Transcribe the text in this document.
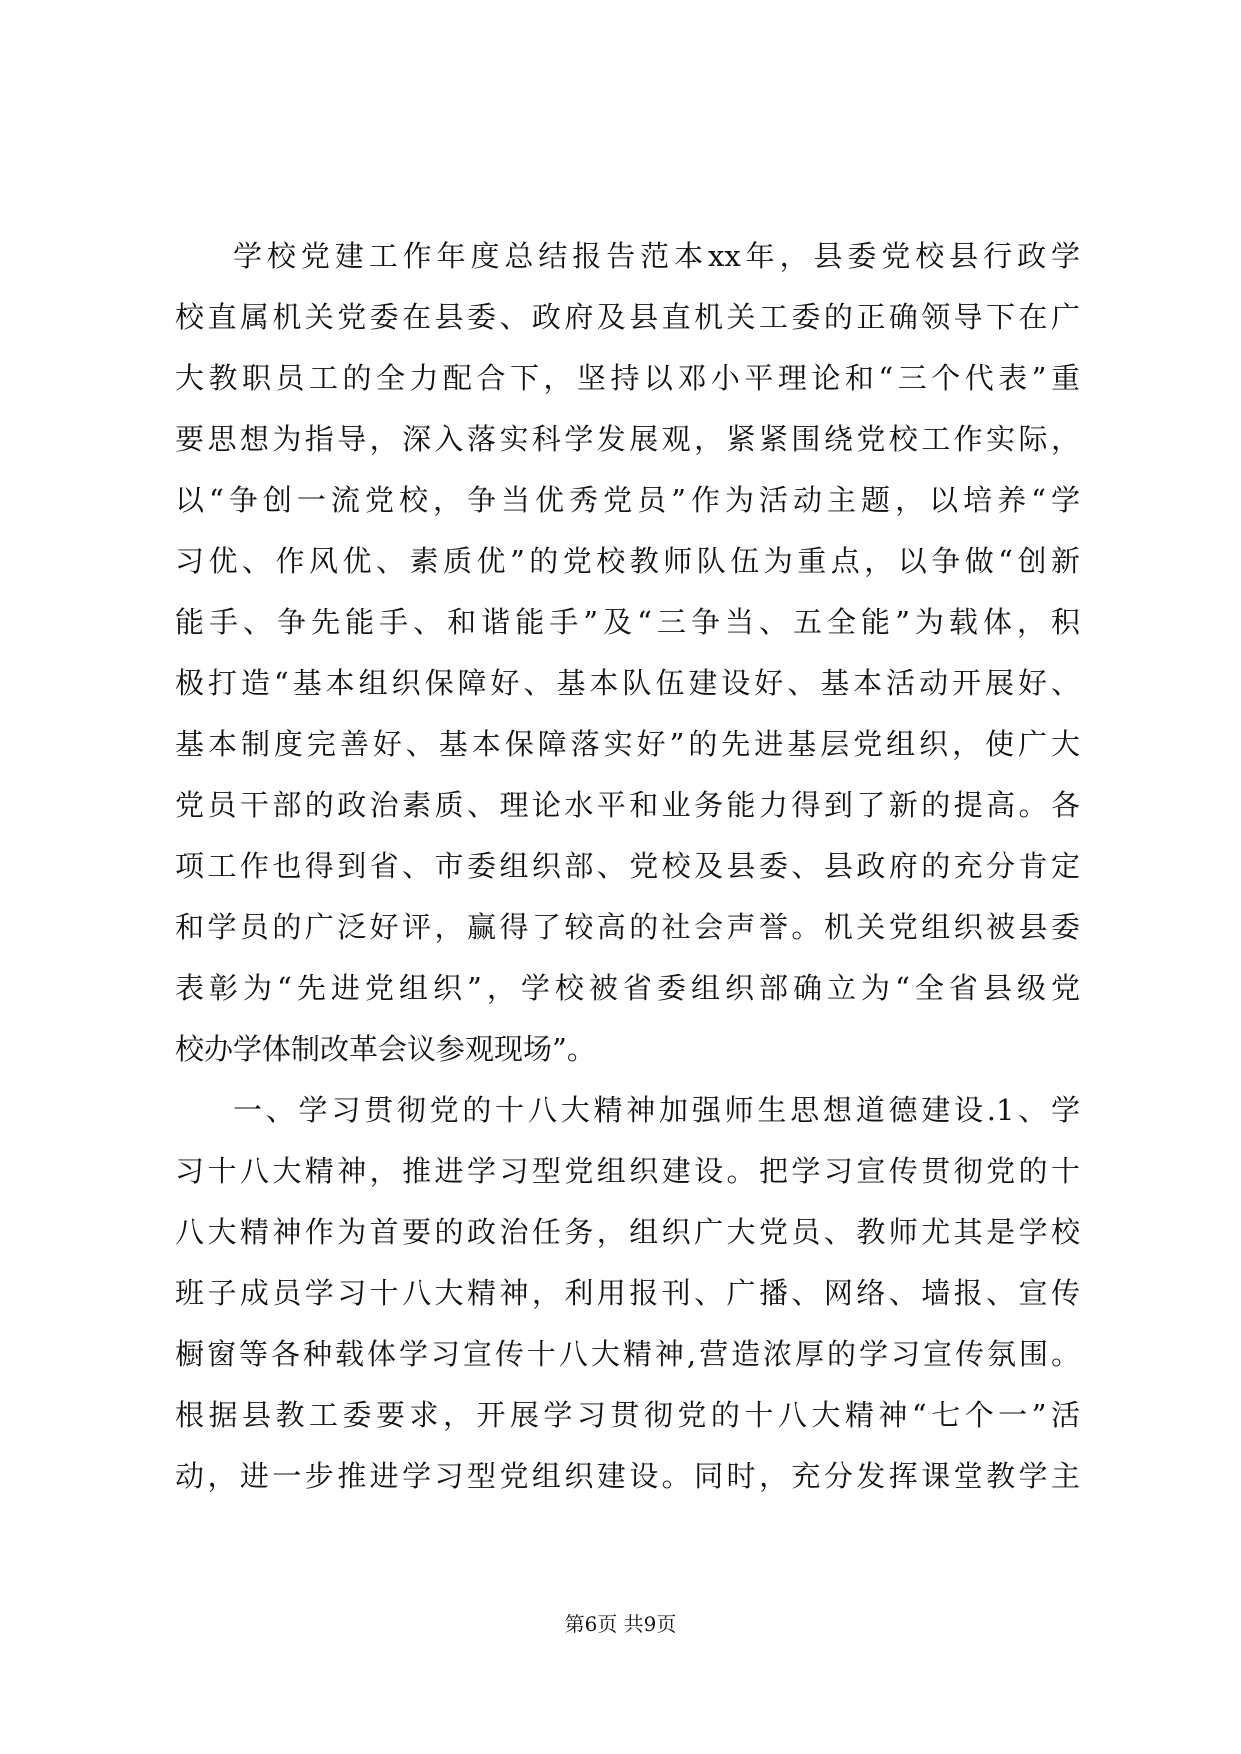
学校党建工作年度总结报告范本xx年，县委党校县行政学
校直属机关党委在县委、政府及县直机关工委的正确领导下在广
大教职员工的全力配合下，坚持以邓小平理论和“三个代表”重
要思想为指导，深入落实科学发展观，紧紧围绕党校工作实际，
以“争创一流党校，争当优秀党员”作为活动主题，以培养“学
习优、作风优、素质优”的党校教师队伍为重点，以争做“创新
能手、争先能手、和谐能手”及“三争当、五全能”为载体，积
极打造“基本组织保障好、基本队伍建设好、基本活动开展好、
基本制度完善好、基本保障落实好”的先进基层党组织，使广大
党员干部的政治素质、理论水平和业务能力得到了新的提高。各
项工作也得到省、市委组织部、党校及县委、县政府的充分肯定
和学员的广泛好评，赢得了较高的社会声誉。机关党组织被县委
表彰为“先进党组织”，学校被省委组织部确立为“全省县级党
校办学体制改革会议参观现场”。
一、学习贯彻党的十八大精神加强师生思想道德建设.1、学
习十八大精神，推进学习型党组织建设。把学习宣传贯彻党的十
八大精神作为首要的政治任务，组织广大党员、教师尤其是学校
班子成员学习十八大精神，利用报刊、广播、网络、墙报、宣传
橱窗等各种载体学习宣传十八大精神,营造浓厚的学习宣传氛围。
根据县教工委要求，开展学习贯彻党的十八大精神“七个一”活
动，进一步推进学习型党组织建设。同时，充分发挥课堂教学主
第6页 共9页
